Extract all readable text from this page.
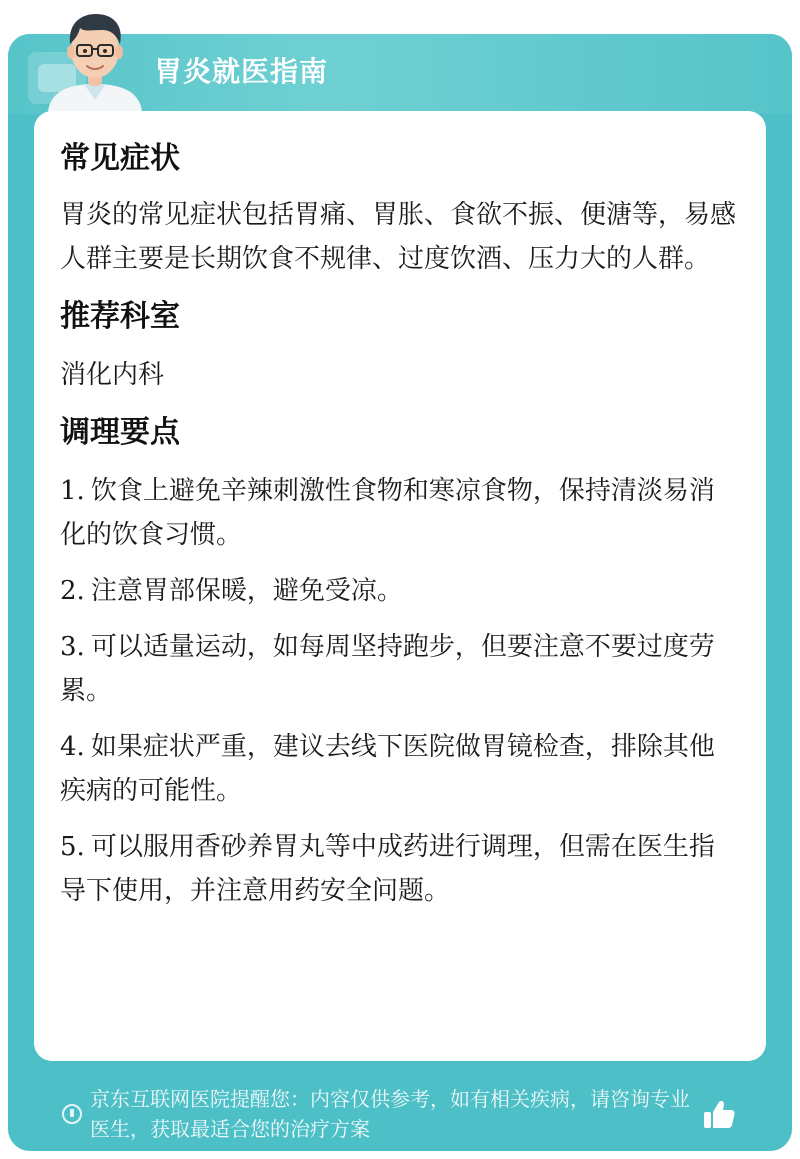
胃炎就医指南
京东互联网医院提醒您：内容仅供参考，如有相关疾病，请咨询专业医生，获取最适合您的治疗方案
常见症状
胃炎的常见症状包括胃痛、胃胀、食欲不振、便溏等，易感人群主要是长期饮食不规律、过度饮酒、压力大的人群。
推荐科室
消化内科
调理要点
1. 饮食上避免辛辣刺激性食物和寒凉食物，保持清淡易消化的饮食习惯。
2. 注意胃部保暖，避免受凉。
3. 可以适量运动，如每周坚持跑步，但要注意不要过度劳累。
4. 如果症状严重，建议去线下医院做胃镜检查，排除其他疾病的可能性。
5. 可以服用香砂养胃丸等中成药进行调理，但需在医生指导下使用，并注意用药安全问题。
